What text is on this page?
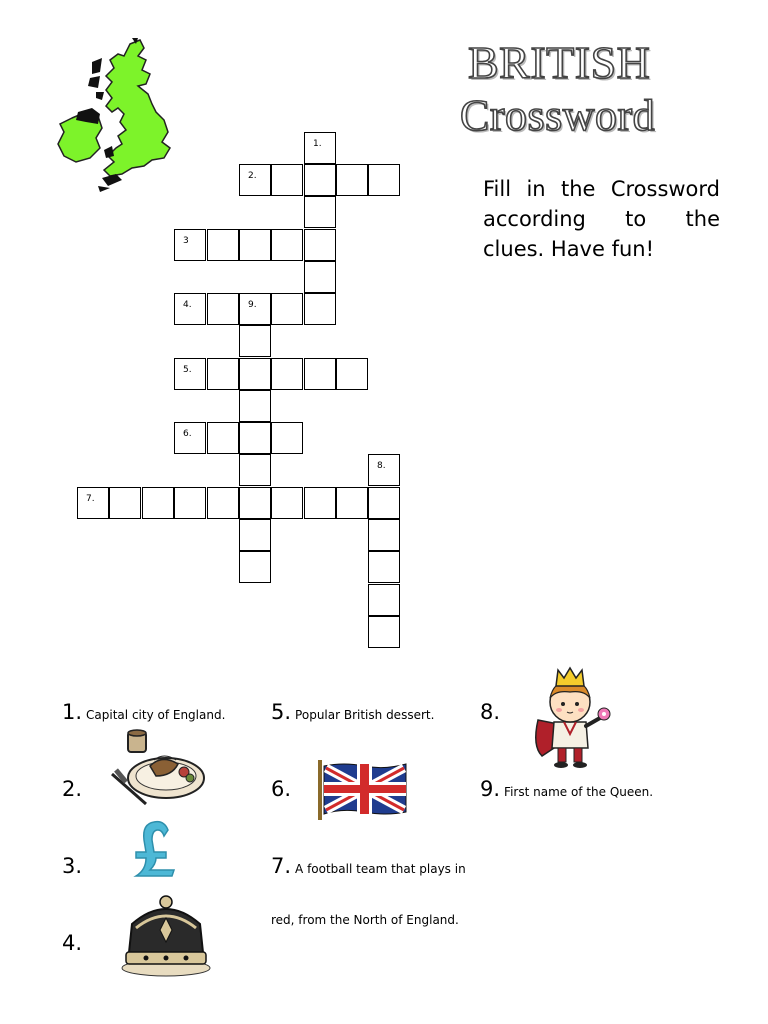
BRITISH
Crossword
Fill in the Crossword according to the clues. Have fun!
1.
2.
3
4.	9.
5.
6.
8.
7.
1. Capital city of England.
2.
3.
4.
5. Popular British dessert.
6.
7. A football team that plays in
red, from the North of England.
8.
9. First name of the Queen.
